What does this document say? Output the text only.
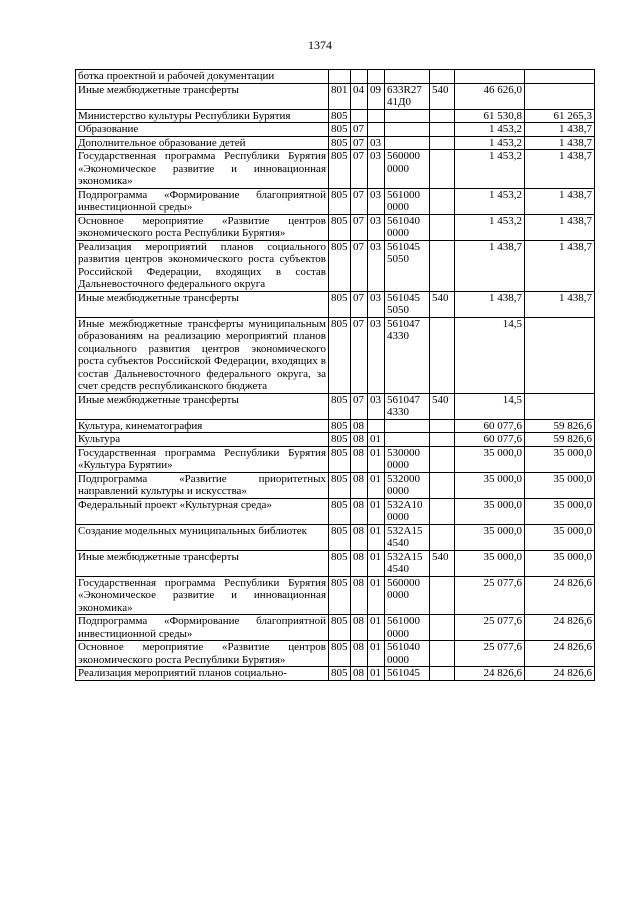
1374
ботка проектной и рабочей документации							
Иные межбюджетные трансферты	801	04	09	633R27 41Д0	540	46 626,0	
Министерство культуры Республики Бурятия	805					61 530,8	61 265,3
Образование	805	07				1 453,2	1 438,7
Дополнительное образование детей	805	07	03			1 453,2	1 438,7
Государственная программа Республики Бурятия «Экономическое развитие и инновационная экономика»	805	07	03	560000 0000		1 453,2	1 438,7
Подпрограмма «Формирование благоприятной инвестиционной среды»	805	07	03	561000 0000		1 453,2	1 438,7
Основное мероприятие «Развитие центров экономического роста Республики Бурятия»	805	07	03	561040 0000		1 453,2	1 438,7
Реализация мероприятий планов социального развития центров экономического роста субъектов Российской Федерации, входящих в состав Дальневосточного федерального округа	805	07	03	561045 5050		1 438,7	1 438,7
Иные межбюджетные трансферты	805	07	03	561045 5050	540	1 438,7	1 438,7
Иные межбюджетные трансферты муниципальным образованиям на реализацию мероприятий планов социального развития центров экономического роста субъектов Российской Федерации, входящих в состав Дальневосточного федерального округа, за счет средств республиканского бюджета	805	07	03	561047 4330		14,5	
Иные межбюджетные трансферты	805	07	03	561047 4330	540	14,5	
Культура, кинематография	805	08				60 077,6	59 826,6
Культура	805	08	01			60 077,6	59 826,6
Государственная программа Республики Бурятия «Культура Бурятии»	805	08	01	530000 0000		35 000,0	35 000,0
Подпрограмма «Развитие приоритетных направлений культуры и искусства»	805	08	01	532000 0000		35 000,0	35 000,0
Федеральный проект «Культурная среда»	805	08	01	532A10 0000		35 000,0	35 000,0
Создание модельных муниципальных библиотек	805	08	01	532A15 4540		35 000,0	35 000,0
Иные межбюджетные трансферты	805	08	01	532A15 4540	540	35 000,0	35 000,0
Государственная программа Республики Бурятия «Экономическое развитие и инновационная экономика»	805	08	01	560000 0000		25 077,6	24 826,6
Подпрограмма «Формирование благоприятной инвестиционной среды»	805	08	01	561000 0000		25 077,6	24 826,6
Основное мероприятие «Развитие центров экономического роста Республики Бурятия»	805	08	01	561040 0000		25 077,6	24 826,6
Реализация мероприятий планов социально-	805	08	01	561045		24 826,6	24 826,6
